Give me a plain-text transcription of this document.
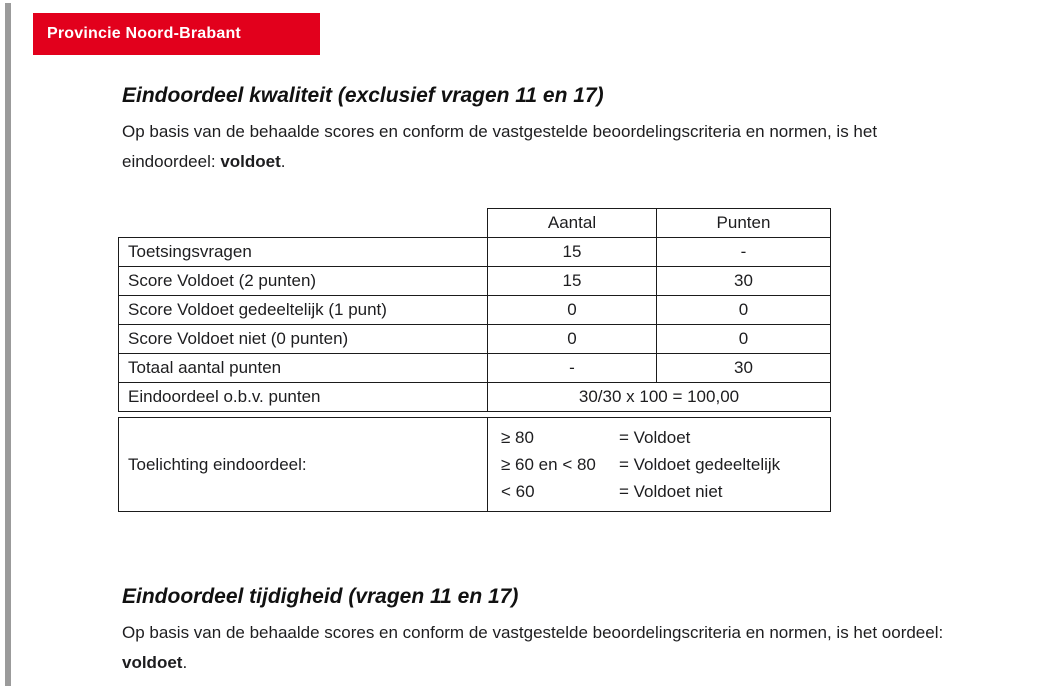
Provincie Noord-Brabant
Eindoordeel kwaliteit (exclusief vragen 11 en 17)
Op basis van de behaalde scores en conform de vastgestelde beoordelingscriteria en normen, is het
eindoordeel: voldoet.
	Aantal	Punten
Toetsingsvragen	15	-
Score Voldoet (2 punten)	15	30
Score Voldoet gedeeltelijk (1 punt)	0	0
Score Voldoet niet (0 punten)	0	0
Totaal aantal punten	-	30
Eindoordeel o.b.v. punten	30/30 x 100 = 100,00	
Toelichting eindoordeel:	
≥ 80	= Voldoet
≥ 60 en < 80 = Voldoet gedeeltelijk
< 60	= Voldoet niet
Eindoordeel tijdigheid (vragen 11 en 17)
Op basis van de behaalde scores en conform de vastgestelde beoordelingscriteria en normen, is het oordeel:
voldoet.
